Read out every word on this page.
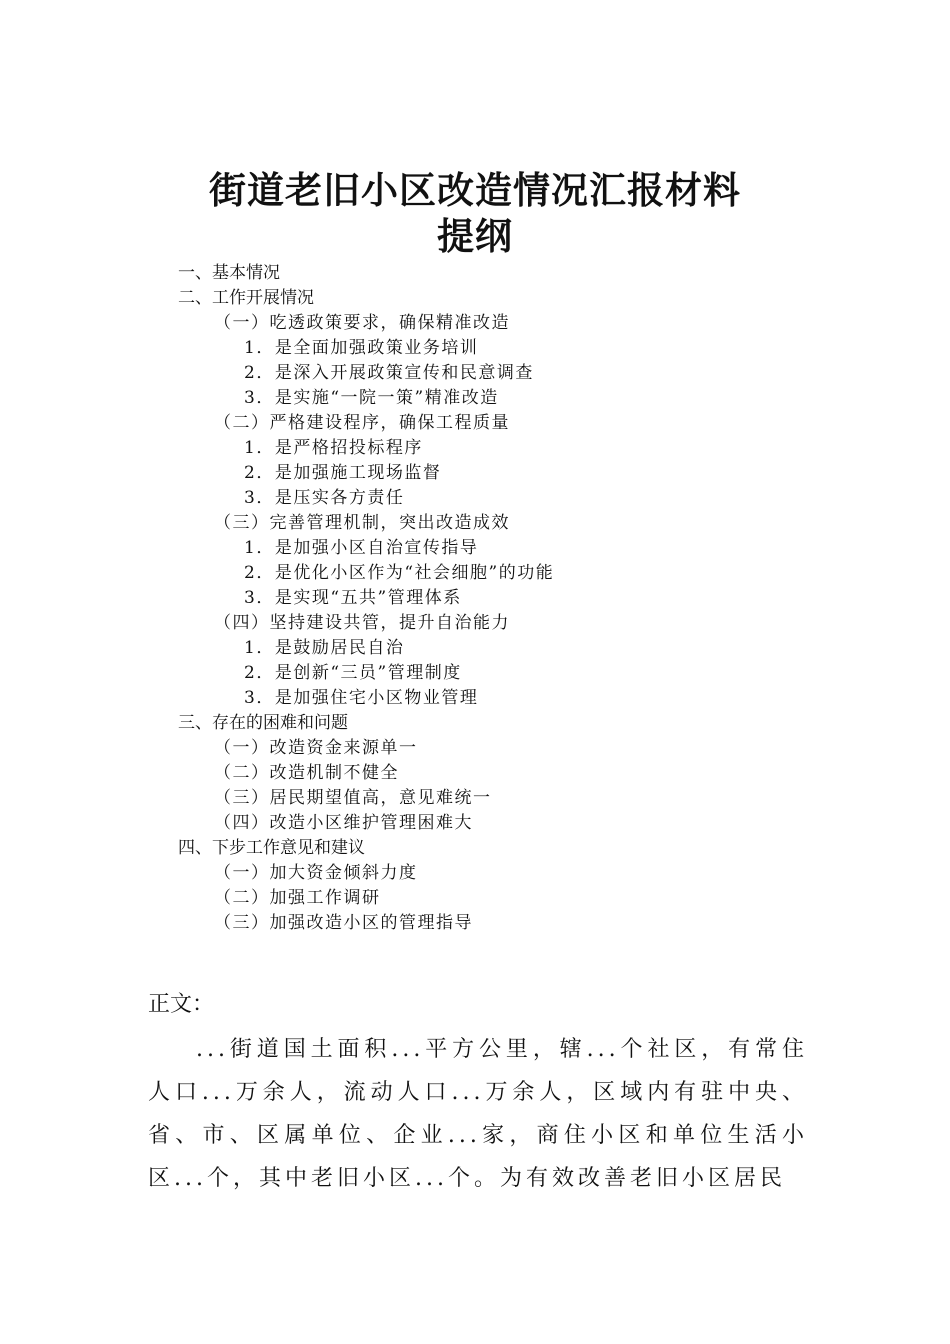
街道老旧小区改造情况汇报材料
提纲
一、基本情况
二、工作开展情况
（一）吃透政策要求，确保精准改造
1．是全面加强政策业务培训
2．是深入开展政策宣传和民意调查
3．是实施“一院一策”精准改造
（二）严格建设程序，确保工程质量
1．是严格招投标程序
2．是加强施工现场监督
3．是压实各方责任
（三）完善管理机制，突出改造成效
1．是加强小区自治宣传指导
2．是优化小区作为“社会细胞”的功能
3．是实现“五共”管理体系
（四）坚持建设共管，提升自治能力
1．是鼓励居民自治
2．是创新“三员”管理制度
3．是加强住宅小区物业管理
三、存在的困难和问题
（一）改造资金来源单一
（二）改造机制不健全
（三）居民期望值高，意见难统一
（四）改造小区维护管理困难大
四、下步工作意见和建议
（一）加大资金倾斜力度
（二）加强工作调研
（三）加强改造小区的管理指导
正文：

...街道国土面积...平方公里，辖...个社区，有常住人口...万余人，流动人口...万余人，区域内有驻中央、省、市、区属单位、企业...家，商住小区和单位生活小区...个，其中老旧小区...个。为有效改善老旧小区居民
